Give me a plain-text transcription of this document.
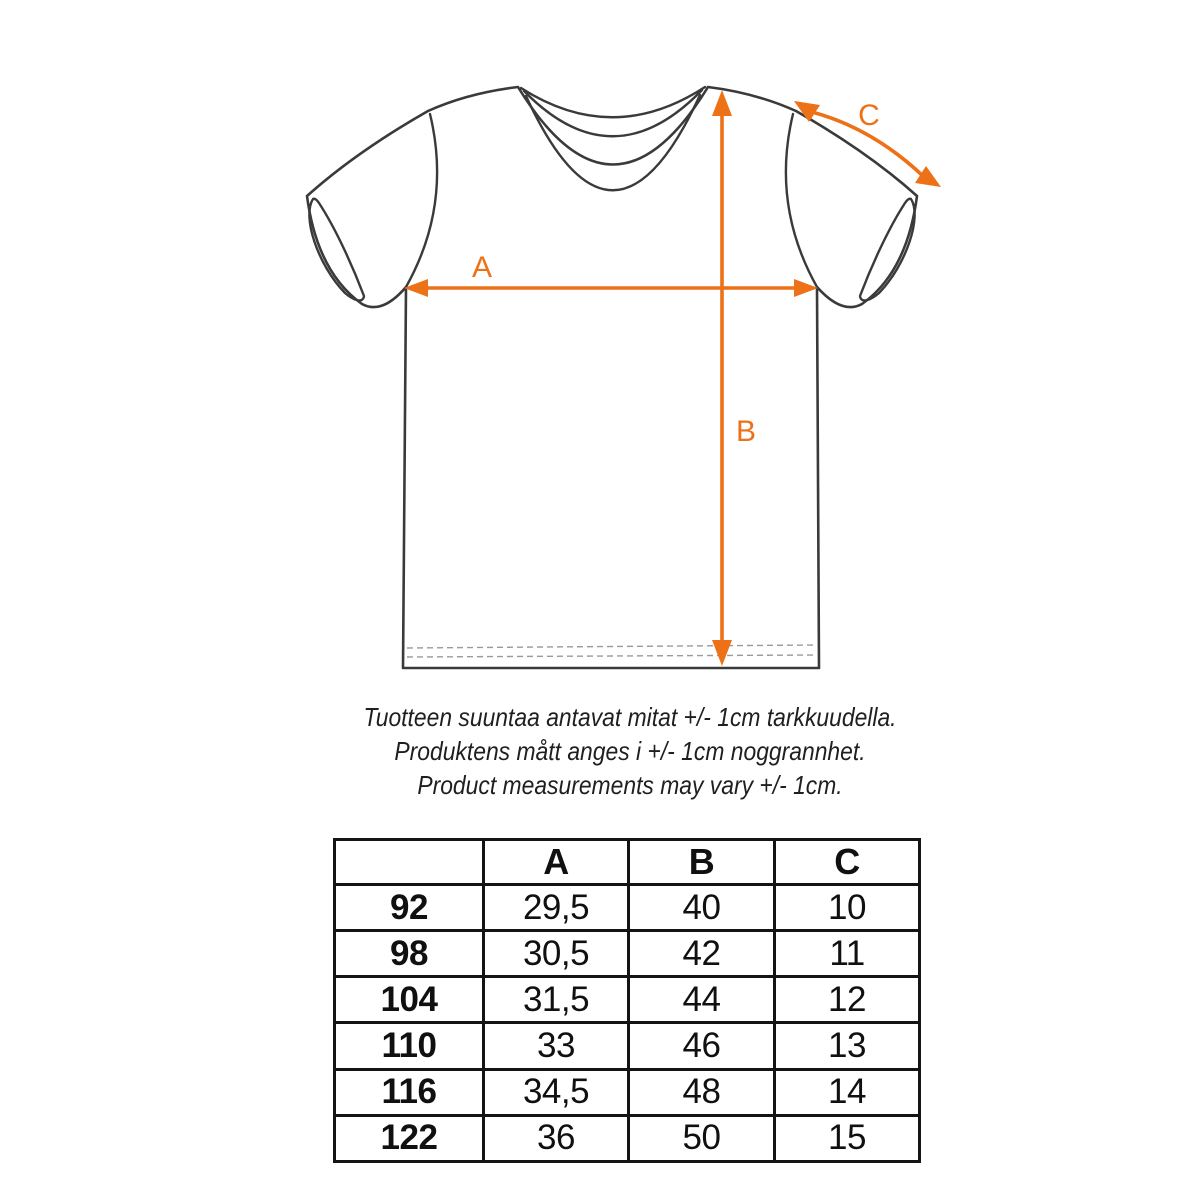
A
B
C

Tuotteen suuntaa antavat mitat +/- 1cm tarkkuudella.

Produktens mått anges i +/- 1cm noggrannhet.

Product measurements may vary +/- 1cm.

	A	B	C
92	29,5	40	10
98	30,5	42	11
104	31,5	44	12
110	33	46	13
116	34,5	48	14
122	36	50	15
